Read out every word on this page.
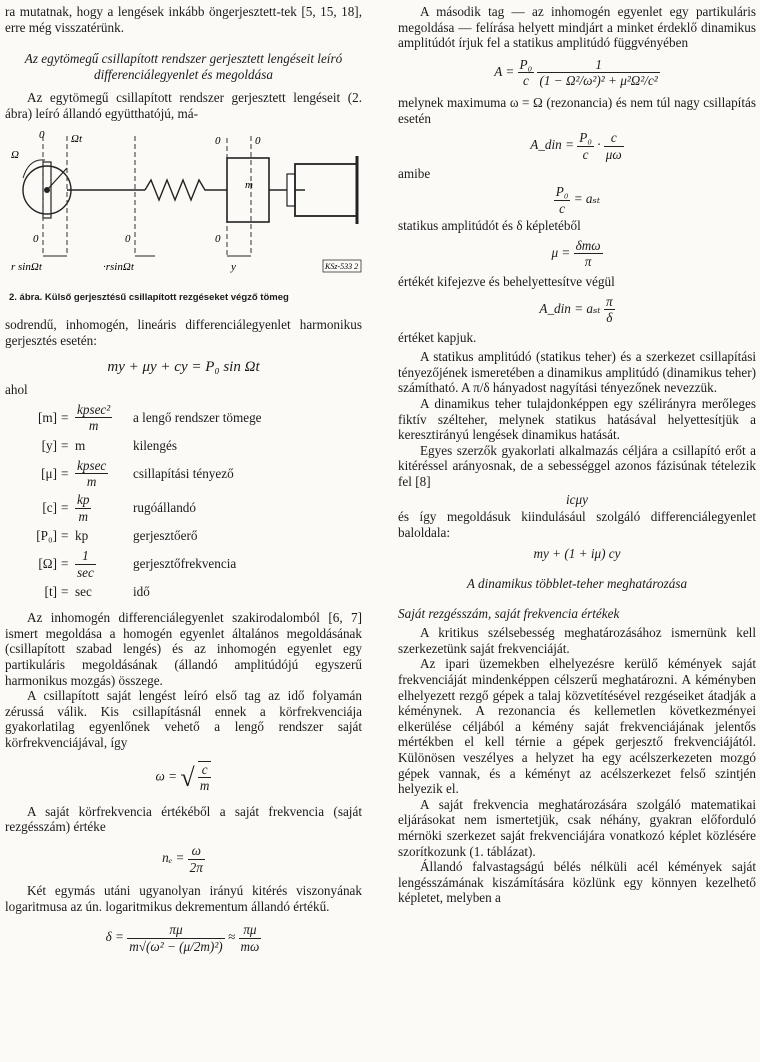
ra mutatnak, hogy a lengések inkább öngerjesztett-tek [5, 15, 18], erre még visszatérünk.

Az egytömegű csillapított rendszer gerjesztett lengéseit leíró differenciálegyenlet és megoldása

Az egytömegű csillapított rendszer gerjesztett lengéseit (2. ábra) leíró állandó együtthatójú, má-

0 Ωt
Ω
0	0
m
0	0	0
r sinΩt	·rsinΩt	y	KSz-533 2

2. ábra. Külső gerjesztésű csillapított rezgéseket végző tömeg

sodrendű, inhomogén, lineáris differenciálegyenlet harmonikus gerjesztés esetén:

my + μy + cy = P₀ sin Ωt

ahol

$[m] = \frac{\text{kpsec²}}{m}$ a lengő rendszer tömege
[y] = m	kilengés
$[\mu] = \frac{kpsec}{m}$ csillapítási tényező
$[c] = \frac{kp}{m}$	rugóállandó
[P₀] = kp	gerjesztőerő
$[\Omega] = \frac{1}{\sec}$	gerjesztőfrekvencia
[t] = sec	idő

Az inhomogén differenciálegyenlet szakirodalomból [6, 7] ismert megoldása a homogén egyenlet általános megoldásának (csillapított szabad lengés) és az inhomogén egyenlet egy partikuláris megoldásának (állandó amplitúdójú egyszerű harmonikus mozgás) összege.

A csillapított saját lengést leíró első tag az idő folyamán zérussá válik. Kis csillapításnál ennek a körfrekvenciája gyakorlatilag egyenlőnek vehető a lengő rendszer saját körfrekvenciájával, így

ω = √ $\frac{c}{m}$

A saját körfrekvencia értékéből a saját frekvencia (saját rezgésszám) értéke

$n_e = \frac{\omega}{2\pi}$

Két egymás utáni ugyanolyan irányú kitérés viszonyának logaritmusa az ún. logaritmikus dekrementum állandó értékű.

$\delta = \frac{\pi\mu}{\text{m√(ω² − (μ/2m)²)}} \approx \frac{\pi\mu}{m\omega}$

A második tag — az inhomogén egyenlet egy partikuláris megoldása — felírása helyett mindjárt a minket érdeklő dinamikus amplitúdót írjuk fel a statikus amplitúdó függvényében

$A = \frac{\text{P₀}}{c}$
$\frac{1}{\text{(1 − Ω²/ω²)² + μ²Ω²/c²}}$

melynek maximuma ω = Ω (rezonancia) és nem túl nagy csillapítás esetén

A_din = $\frac{\text{P₀}}{c} \cdot \frac{c}{\mu\omega}$

amibe

$\frac{\text{P₀}}{c} = a_{st}$

statikus amplitúdót és δ képletéből

$\mu = \frac{\text{δmω}}{\pi}$

értékét kifejezve és behelyettesítve végül

A_din = aₛₜ $\frac{\pi}{\delta}$

értéket kapjuk.

A statikus amplitúdó (statikus teher) és a szerkezet csillapítási tényezőjének ismeretében a dinamikus amplitúdó (dinamikus teher) számítható. A π/δ hányadost nagyítási tényezőnek nevezzük.

A dinamikus teher tulajdonképpen egy szélirányra merőleges fiktív szélteher, melynek statikus hatásával helyettesítjük a keresztirányú lengések dinamikus hatását.

Egyes szerzők gyakorlati alkalmazás céljára a csillapító erőt a kitéréssel arányosnak, de a sebességgel azonos fázisúnak tételezik fel [8]

icμy

és így megoldásuk kiindulásául szolgáló differenciálegyenlet baloldala:

my + (1 + iμ) cy

A dinamikus többlet-teher meghatározása

Saját rezgésszám, saját frekvencia értékek

A kritikus szélsebesség meghatározásához ismernünk kell szerkezetünk saját frekvenciáját.

Az ipari üzemekben elhelyezésre kerülő kémények saját frekvenciáját mindenképpen célszerű meghatározni. A kéményben elhelyezett rezgő gépek a talaj közvetítésével rezgéseiket átadják a kéménynek. A rezonancia és kellemetlen következményei elkerülése céljából a kémény saját frekvenciájának jelentős mértékben el kell térnie a gépek gerjesztő frekvenciájától. Különösen veszélyes a helyzet ha egy acélszerkezeten mozgó gépek vannak, és a kéményt az acélszerkezet felső szintjén helyezik el.

A saját frekvencia meghatározására szolgáló matematikai eljárásokat nem ismertetjük, csak néhány, gyakran előforduló mérnöki szerkezet saját frekvenciájára vonatkozó képlet közlésére szorítkozunk (1. táblázat).

Állandó falvastagságú bélés nélküli acél kémények saját lengésszámának kiszámítására közlünk egy könnyen kezelhető képletet, melyben a
